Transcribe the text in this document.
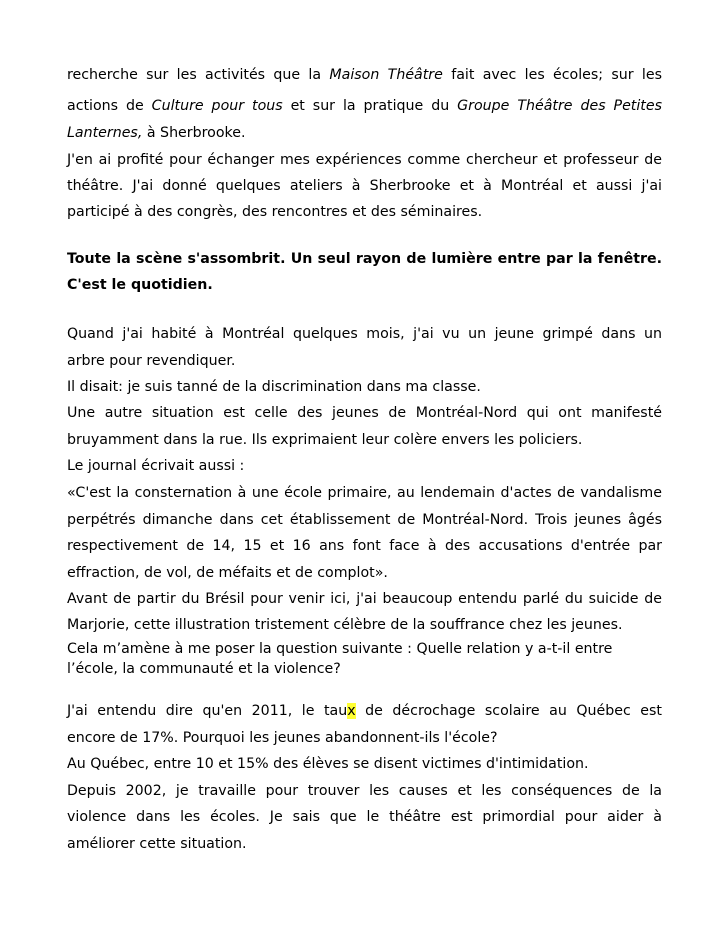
recherche sur les activités que la Maison Théâtre fait avec les écoles; sur les
actions de Culture pour tous et sur la pratique du Groupe Théâtre des Petites
Lanternes, à Sherbrooke.
J'en ai profité pour échanger mes expériences comme chercheur et professeur de
théâtre. J'ai donné quelques ateliers à Sherbrooke et à Montréal et aussi j'ai
participé à des congrès, des rencontres et des séminaires.
Toute la scène s'assombrit. Un seul rayon de lumière entre par la fenêtre.
C'est le quotidien.
Quand j'ai habité à Montréal quelques mois, j'ai vu un jeune grimpé dans un
arbre pour revendiquer.
Il disait: je suis tanné de la discrimination dans ma classe.
Une autre situation est celle des jeunes de Montréal-Nord qui ont manifesté
bruyamment dans la rue. Ils exprimaient leur colère envers les policiers.
Le journal écrivait aussi :
«C'est la consternation à une école primaire, au lendemain d'actes de vandalisme
perpétrés dimanche dans cet établissement de Montréal-Nord. Trois jeunes âgés
respectivement de 14, 15 et 16 ans font face à des accusations d'entrée par
effraction, de vol, de méfaits et de complot».
Avant de partir du Brésil pour venir ici, j'ai beaucoup entendu parlé du suicide de
Marjorie, cette illustration tristement célèbre de la souffrance chez les jeunes.
Cela m’amène à me poser la question suivante : Quelle relation y a-t-il entre
l’école, la communauté et la violence?
J'ai entendu dire qu'en 2011, le taux de décrochage scolaire au Québec est
encore de 17%. Pourquoi les jeunes abandonnent-ils l'école?
Au Québec, entre 10 et 15% des élèves se disent victimes d'intimidation.
Depuis 2002, je travaille pour trouver les causes et les conséquences de la
violence dans les écoles. Je sais que le théâtre est primordial pour aider à
améliorer cette situation.
